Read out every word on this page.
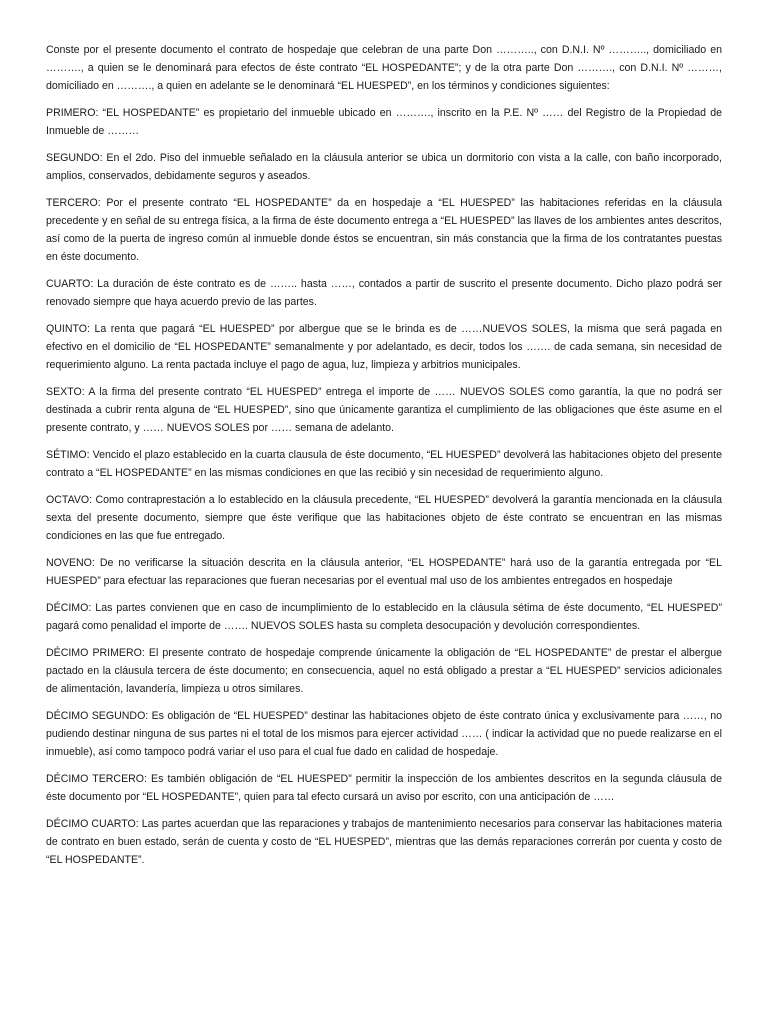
Conste por el presente documento el contrato de hospedaje que celebran de una parte Don ……….., con D.N.I. Nº ……….., domiciliado en ………., a quien se le denominará para efectos de éste contrato “EL HOSPEDANTE”; y de la otra parte Don ………., con D.N.I. Nº ………, domiciliado en ………., a quien en adelante se le denominará “EL HUESPED”, en los términos y condiciones siguientes:

PRIMERO: “EL HOSPEDANTE” es propietario del inmueble ubicado en ………., inscrito en la P.E. Nº …… del Registro de la Propiedad de Inmueble de ………

SEGUNDO: En el 2do. Piso del inmueble señalado en la cláusula anterior se ubica un dormitorio con vista a la calle, con baño incorporado, amplios, conservados, debidamente seguros y aseados.

TERCERO: Por el presente contrato “EL HOSPEDANTE” da en hospedaje a “EL HUESPED” las habitaciones referidas en la cláusula precedente y en señal de su entrega física, a la firma de éste documento entrega a “EL HUESPED” las llaves de los ambientes antes descritos, así como de la puerta de ingreso común al inmueble donde éstos se encuentran, sin más constancia que la firma de los contratantes puestas en éste documento.

CUARTO: La duración de éste contrato es de …….. hasta ……, contados a partir de suscrito el presente documento. Dicho plazo podrá ser renovado siempre que haya acuerdo previo de las partes.

QUINTO: La renta que pagará “EL HUESPED” por albergue que se le brinda es de ……NUEVOS SOLES, la misma que será pagada en efectivo en el domicilio de “EL HOSPEDANTE” semanalmente y por adelantado, es decir, todos los ……. de cada semana, sin necesidad de requerimiento alguno. La renta pactada incluye el pago de agua, luz, limpieza y arbitrios municipales.

SEXTO: A la firma del presente contrato “EL HUESPED” entrega el importe de …… NUEVOS SOLES como garantía, la que no podrá ser destinada a cubrir renta alguna de “EL HUESPED”, sino que únicamente garantiza el cumplimiento de las obligaciones que éste asume en el presente contrato, y …… NUEVOS SOLES por …… semana de adelanto.

SÉTIMO: Vencido el plazo establecido en la cuarta clausula de éste documento, “EL HUESPED” devolverá las habitaciones objeto del presente contrato a “EL HOSPEDANTE” en las mismas condiciones en que las recibió y sin necesidad de requerimiento alguno.

OCTAVO: Como contraprestación a lo establecido en la cláusula precedente, “EL HUESPED” devolverá la garantía mencionada en la cláusula sexta del presente documento, siempre que éste verifique que las habitaciones objeto de éste contrato se encuentran en las mismas condiciones en las que fue entregado.

NOVENO: De no verificarse la situación descrita en la cláusula anterior, “EL HOSPEDANTE” hará uso de la garantía entregada por “EL HUESPED” para efectuar las reparaciones que fueran necesarias por el eventual mal uso de los ambientes entregados en hospedaje

DÉCIMO: Las partes convienen que en caso de incumplimiento de lo establecido en la cláusula sétima de éste documento, “EL HUESPED” pagará como penalidad el importe de ……. NUEVOS SOLES hasta su completa desocupación y devolución correspondientes.

DÉCIMO PRIMERO: El presente contrato de hospedaje comprende únicamente la obligación de “EL HOSPEDANTE” de prestar el albergue pactado en la cláusula tercera de éste documento; en consecuencia, aquel no está obligado a prestar a “EL HUESPED” servicios adicionales de alimentación, lavandería, limpieza u otros similares.

DÉCIMO SEGUNDO: Es obligación de “EL HUESPED” destinar las habitaciones objeto de éste contrato única y exclusivamente para ……, no pudiendo destinar ninguna de sus partes ni el total de los mismos para ejercer actividad …… ( indicar la actividad que no puede realizarse en el inmueble), así como tampoco podrá variar el uso para el cual fue dado en calidad de hospedaje.

DÉCIMO TERCERO: Es también obligación de “EL HUESPED” permitir la inspección de los ambientes descritos en la segunda cláusula de éste documento por “EL HOSPEDANTE”, quien para tal efecto cursará un aviso por escrito, con una anticipación de ……

DÉCIMO CUARTO: Las partes acuerdan que las reparaciones y trabajos de mantenimiento necesarios para conservar las habitaciones materia de contrato en buen estado, serán de cuenta y costo de “EL HUESPED”, mientras que las demás reparaciones correrán por cuenta y costo de “EL HOSPEDANTE”.
